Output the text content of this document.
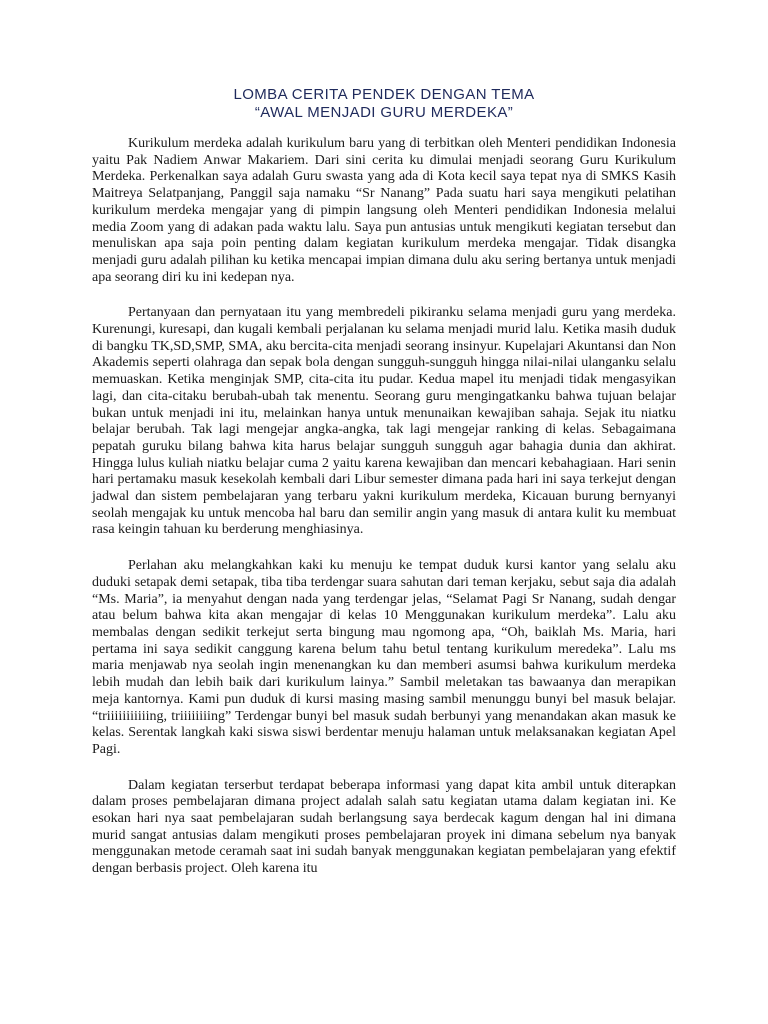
LOMBA CERITA PENDEK DENGAN TEMA
“AWAL MENJADI GURU MERDEKA”

Kurikulum merdeka adalah kurikulum baru yang di terbitkan oleh Menteri pendidikan Indonesia yaitu Pak Nadiem Anwar Makariem. Dari sini cerita ku dimulai menjadi seorang Guru Kurikulum Merdeka. Perkenalkan saya adalah Guru swasta yang ada di Kota kecil saya tepat nya di SMKS Kasih Maitreya Selatpanjang, Panggil saja namaku “Sr Nanang” Pada suatu hari saya mengikuti pelatihan kurikulum merdeka mengajar yang di pimpin langsung oleh Menteri pendidikan Indonesia melalui media Zoom yang di adakan pada waktu lalu. Saya pun antusias untuk mengikuti kegiatan tersebut dan menuliskan apa saja poin penting dalam kegiatan kurikulum merdeka mengajar. Tidak disangka menjadi guru adalah pilihan ku ketika mencapai impian dimana dulu aku sering bertanya untuk menjadi apa seorang diri ku ini kedepan nya.

Pertanyaan dan pernyataan itu yang membredeli pikiranku selama menjadi guru yang merdeka. Kurenungi, kuresapi, dan kugali kembali perjalanan ku selama menjadi murid lalu. Ketika masih duduk di bangku TK,SD,SMP, SMA, aku bercita-cita menjadi seorang insinyur. Kupelajari Akuntansi dan Non Akademis seperti olahraga dan sepak bola dengan sungguh-sungguh hingga nilai-nilai ulanganku selalu memuaskan. Ketika menginjak SMP, cita-cita itu pudar. Kedua mapel itu menjadi tidak mengasyikan lagi, dan cita-citaku berubah-ubah tak menentu. Seorang guru mengingatkanku bahwa tujuan belajar bukan untuk menjadi ini itu, melainkan hanya untuk menunaikan kewajiban sahaja. Sejak itu niatku belajar berubah. Tak lagi mengejar angka-angka, tak lagi mengejar ranking di kelas. Sebagaimana pepatah guruku bilang bahwa kita harus belajar sungguh sungguh agar bahagia dunia dan akhirat. Hingga lulus kuliah niatku belajar cuma 2 yaitu karena kewajiban dan mencari kebahagiaan. Hari senin hari pertamaku masuk kesekolah kembali dari Libur semester dimana pada hari ini saya terkejut dengan jadwal dan sistem pembelajaran yang terbaru yakni kurikulum merdeka, Kicauan burung bernyanyi seolah mengajak ku untuk mencoba hal baru dan semilir angin yang masuk di antara kulit ku membuat rasa keingin tahuan ku berderung menghiasinya.

Perlahan aku melangkahkan kaki ku menuju ke tempat duduk kursi kantor yang selalu aku duduki setapak demi setapak, tiba tiba terdengar suara sahutan dari teman kerjaku, sebut saja dia adalah “Ms. Maria”, ia menyahut dengan nada yang terdengar jelas, “Selamat Pagi Sr Nanang, sudah dengar atau belum bahwa kita akan mengajar di kelas 10 Menggunakan kurikulum merdeka”. Lalu aku membalas dengan sedikit terkejut serta bingung mau ngomong apa, “Oh, baiklah Ms. Maria, hari pertama ini saya sedikit canggung karena belum tahu betul tentang kurikulum meredeka”. Lalu ms maria menjawab nya seolah ingin menenangkan ku dan memberi asumsi bahwa kurikulum merdeka lebih mudah dan lebih baik dari kurikulum lainya.” Sambil meletakan tas bawaanya dan merapikan meja kantornya. Kami pun duduk di kursi masing masing sambil menunggu bunyi bel masuk belajar. “triiiiiiiiiiing, triiiiiiiing” Terdengar bunyi bel masuk sudah berbunyi yang menandakan akan masuk ke kelas. Serentak langkah kaki siswa siswi berdentar menuju halaman untuk melaksanakan kegiatan Apel Pagi.

Dalam kegiatan terserbut terdapat beberapa informasi yang dapat kita ambil untuk diterapkan dalam proses pembelajaran dimana project adalah salah satu kegiatan utama dalam kegiatan ini. Ke esokan hari nya saat pembelajaran sudah berlangsung saya berdecak kagum dengan hal ini dimana murid sangat antusias dalam mengikuti proses pembelajaran proyek ini dimana sebelum nya banyak menggunakan metode ceramah saat ini sudah banyak menggunakan kegiatan pembelajaran yang efektif dengan berbasis project. Oleh karena itu
